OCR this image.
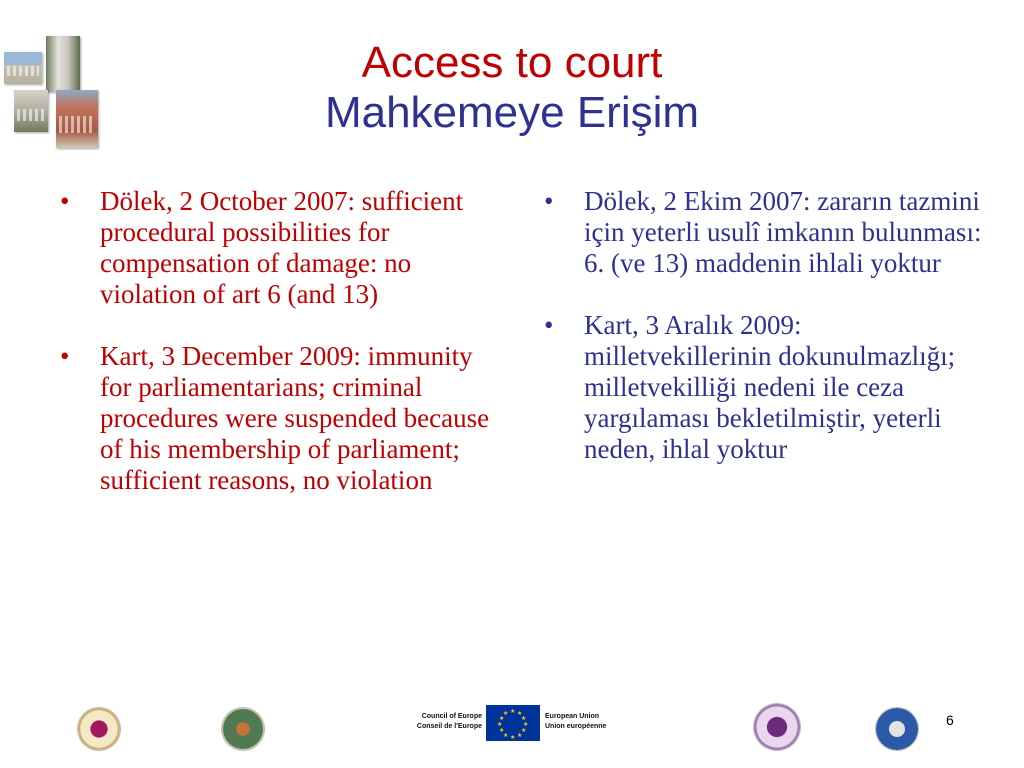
Access to court
Mahkemeye Erişim
• Dölek, 2 October 2007: sufficient procedural possibilities for compensation of damage: no violation of art 6 (and 13)
• Kart, 3 December 2009: immunity for parliamentarians; criminal procedures were suspended because of his membership of parliament; sufficient reasons, no violation
• Dölek, 2 Ekim 2007: zararın tazmini için yeterli usulî imkanın bulunması: 6. (ve 13) maddenin ihlali yoktur
• Kart, 3 Aralık 2009: milletvekillerinin dokunulmazlığı; milletvekilliği nedeni ile ceza yargılaması bekletilmiştir, yeterli neden, ihlal yoktur
Council of Europe
Conseil de l'Europe
★ ★
★
★
★
★
★
★
★
★
★
★	European Union
Union européenne	6
